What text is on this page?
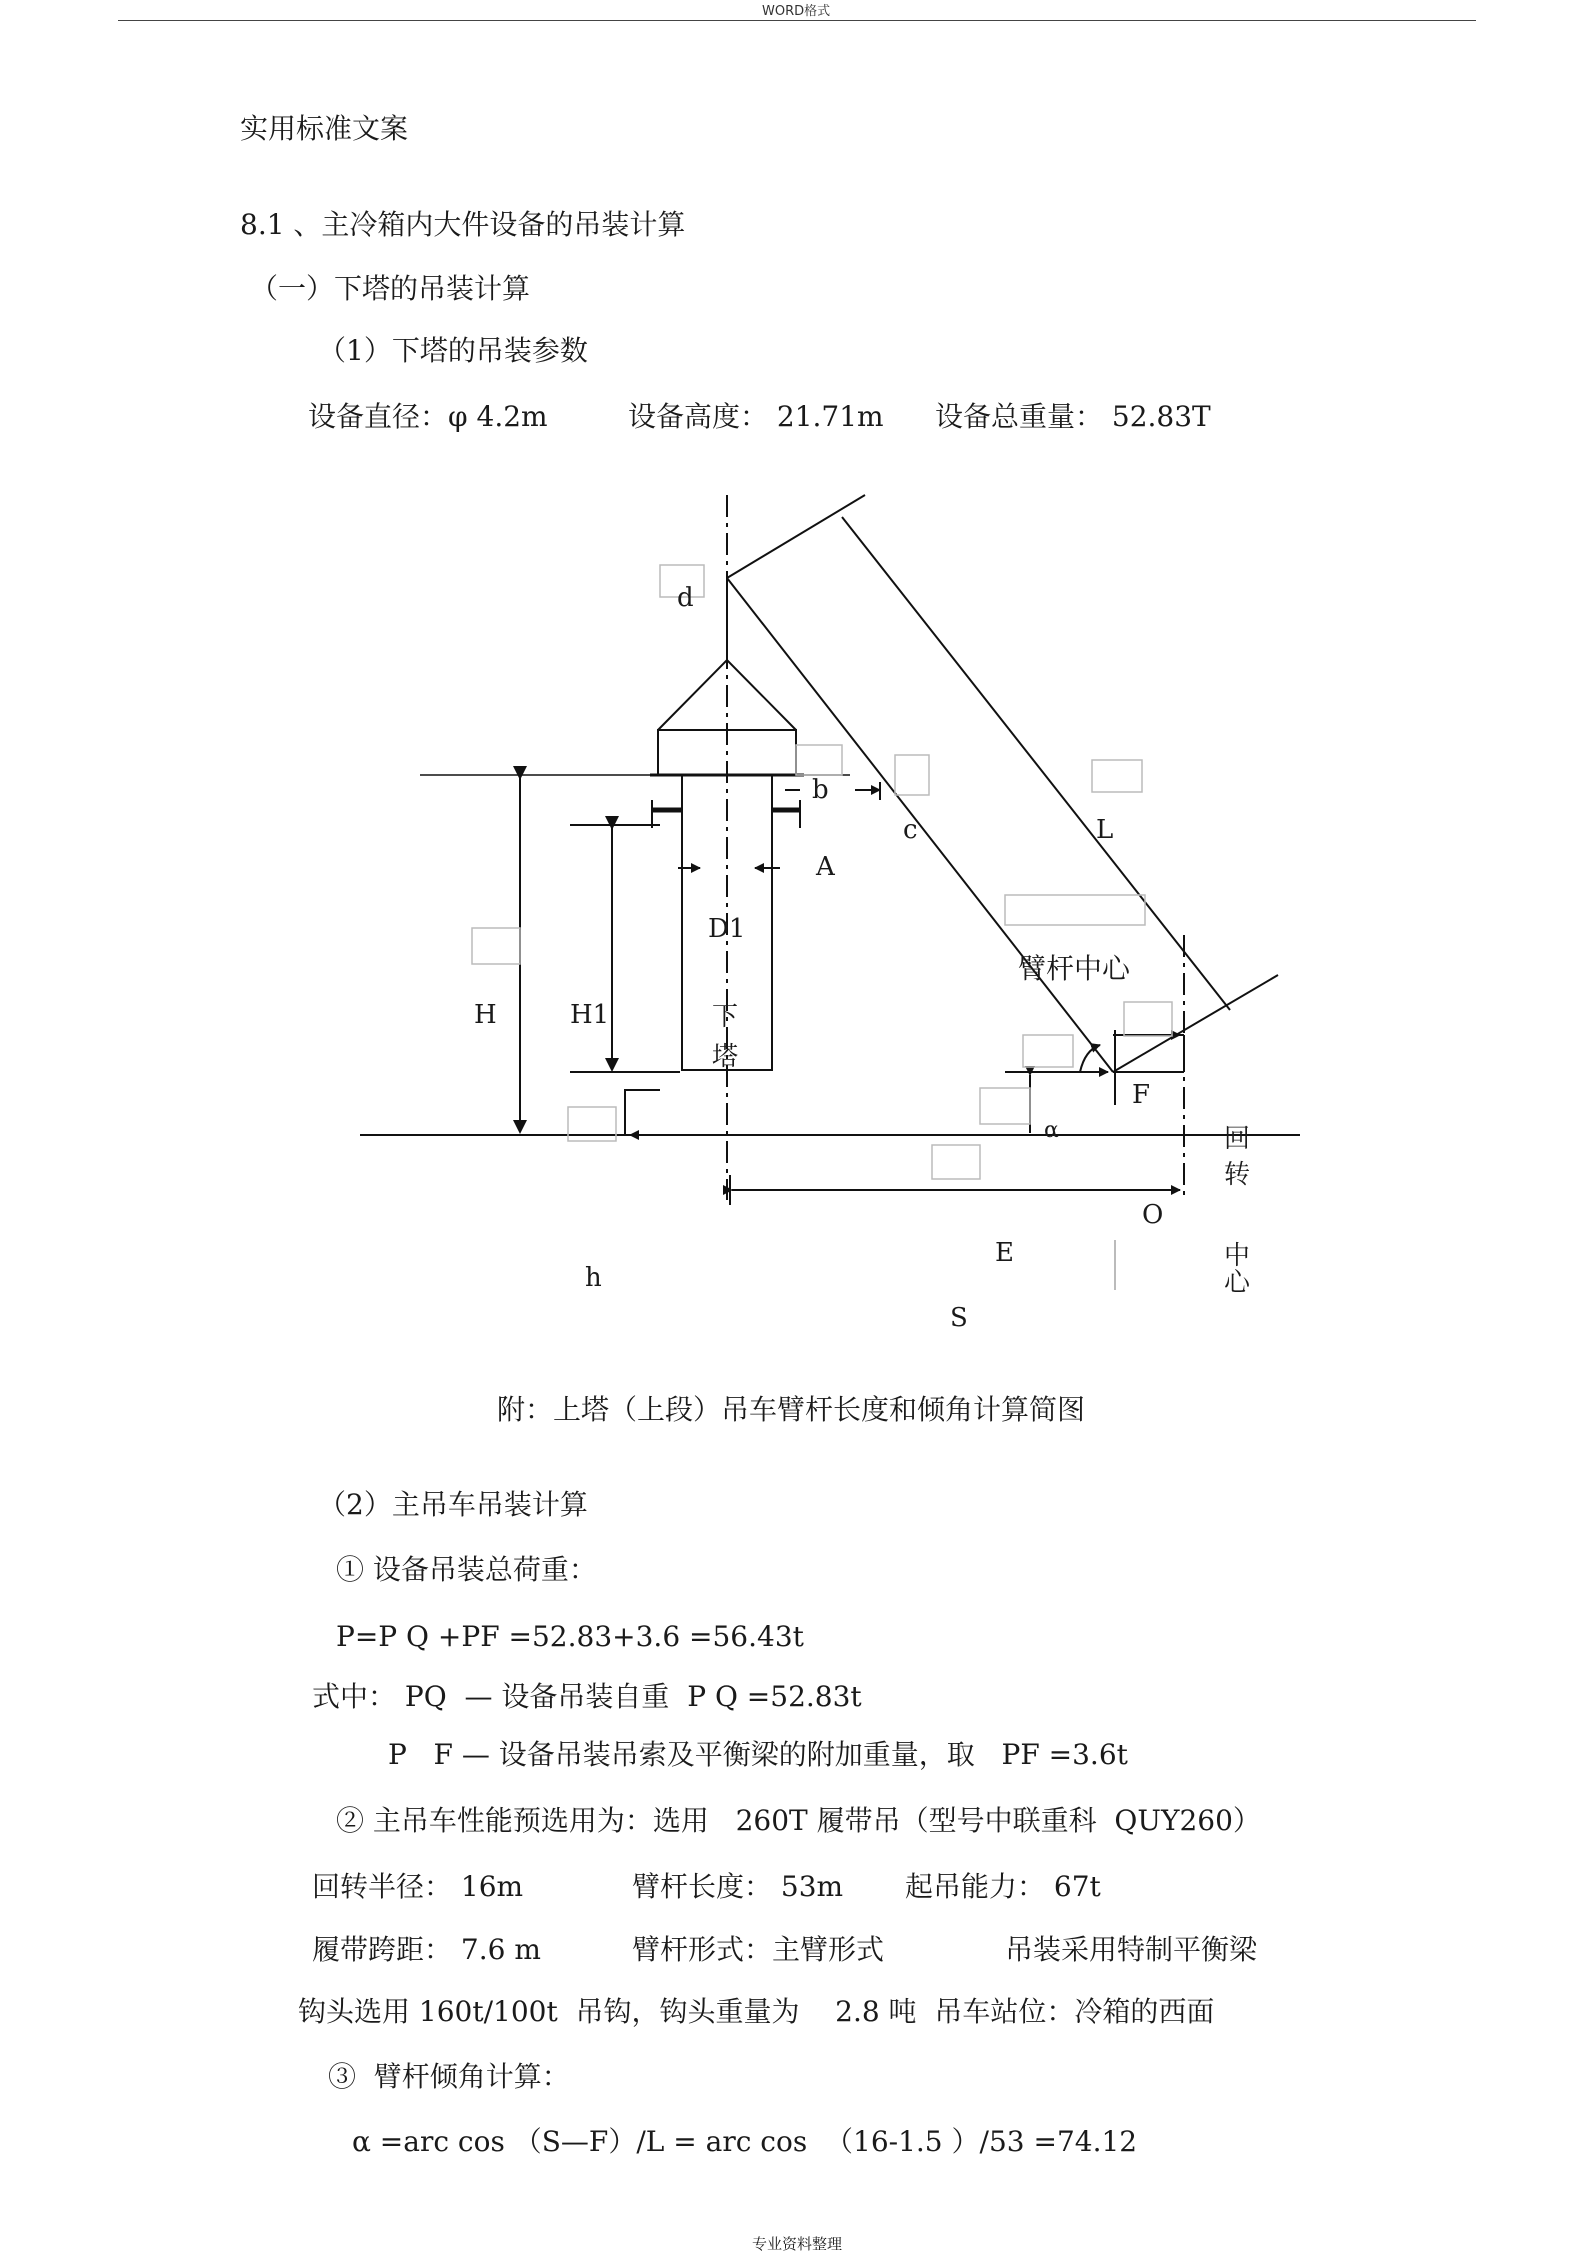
WORD格式
实用标准文案
8.1 、主冷箱内大件设备的吊装计算
（一）下塔的吊装计算
（1）下塔的吊装参数
设备直径：φ 4.2m	设备高度： 21.71m 设备总重量： 52.83T
d
b
c	L
A
D1
臂杆中心
H	H1	下
塔
F
α	回
转
O
中
E
心
h
S
附：上塔（上段）吊车臂杆长度和倾角计算简图
（2）主吊车吊装计算
① 设备吊装总荷重：
P=P Q +PF =52.83+3.6 =56.43t
式中： PQ  — 设备吊装自重  P Q =52.83t
P   F — 设备吊装吊索及平衡梁的附加重量，取   PF =3.6t
② 主吊车性能预选用为：选用   260T 履带吊（型号中联重科  QUY260）
回转半径： 16m	臂杆长度： 53m 起吊能力： 67t
履带跨距： 7.6 m	臂杆形式：主臂形式	吊装采用特制平衡梁
钩头选用 160t/100t  吊钩，钩头重量为    2.8 吨  吊车站位：冷箱的西面
③  臂杆倾角计算：
α =arc cos （S—F）/L = arc cos  （16-1.5 ）/53 =74.12
专业资料整理
